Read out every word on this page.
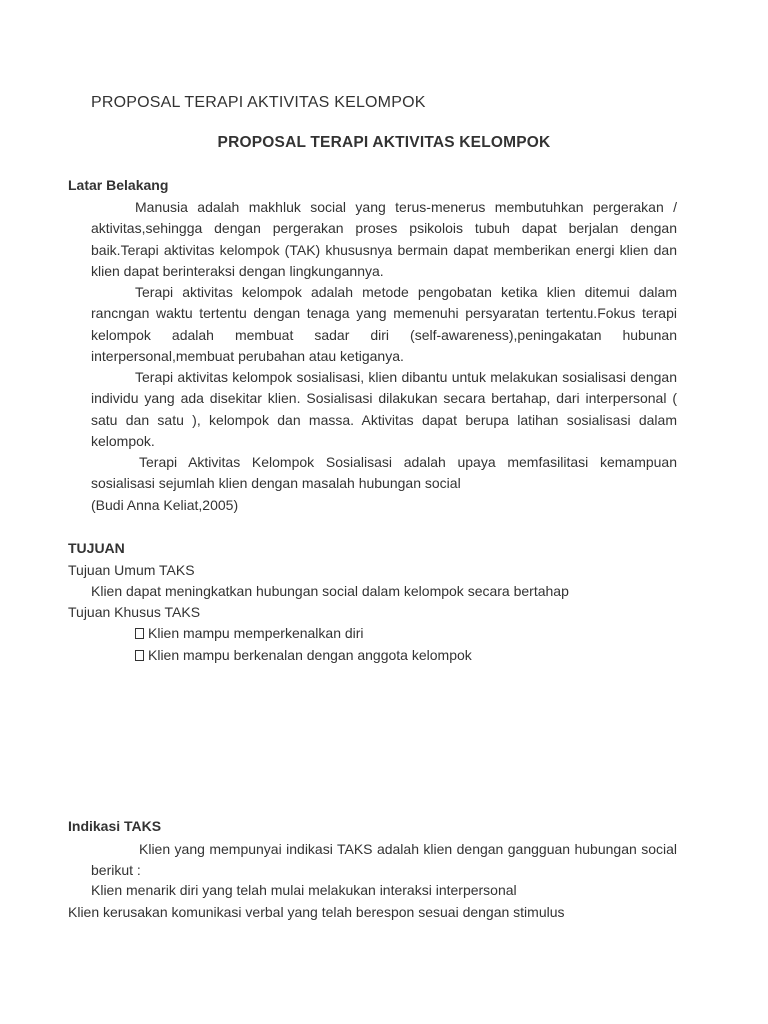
PROPOSAL TERAPI AKTIVITAS KELOMPOK
PROPOSAL TERAPI AKTIVITAS KELOMPOK
Latar Belakang
Manusia adalah makhluk social yang terus-menerus membutuhkan pergerakan / aktivitas,sehingga dengan pergerakan proses psikolois tubuh dapat berjalan dengan baik.Terapi aktivitas kelompok (TAK) khususnya bermain dapat memberikan energi klien dan klien dapat berinteraksi dengan lingkungannya.
Terapi aktivitas kelompok adalah metode pengobatan ketika klien ditemui dalam rancngan waktu tertentu dengan tenaga yang memenuhi persyaratan tertentu.Fokus terapi kelompok adalah membuat sadar diri (self-awareness),peningakatan hubunan interpersonal,membuat perubahan atau ketiganya.
Terapi aktivitas kelompok sosialisasi, klien dibantu untuk melakukan sosialisasi dengan individu yang ada disekitar klien. Sosialisasi dilakukan secara bertahap, dari interpersonal ( satu dan satu ), kelompok dan massa. Aktivitas dapat berupa latihan sosialisasi dalam kelompok.
Terapi Aktivitas Kelompok Sosialisasi adalah upaya memfasilitasi kemampuan sosialisasi sejumlah klien dengan masalah hubungan social
(Budi Anna Keliat,2005)
TUJUAN
Tujuan Umum TAKS
Klien dapat meningkatkan hubungan social dalam kelompok secara bertahap
Tujuan Khusus TAKS
Klien mampu memperkenalkan diri
Klien mampu berkenalan dengan anggota kelompok
Indikasi TAKS
Klien yang mempunyai indikasi TAKS adalah klien dengan gangguan hubungan social berikut :
Klien menarik diri yang telah mulai melakukan interaksi interpersonal
Klien kerusakan komunikasi verbal yang telah berespon sesuai dengan stimulus
